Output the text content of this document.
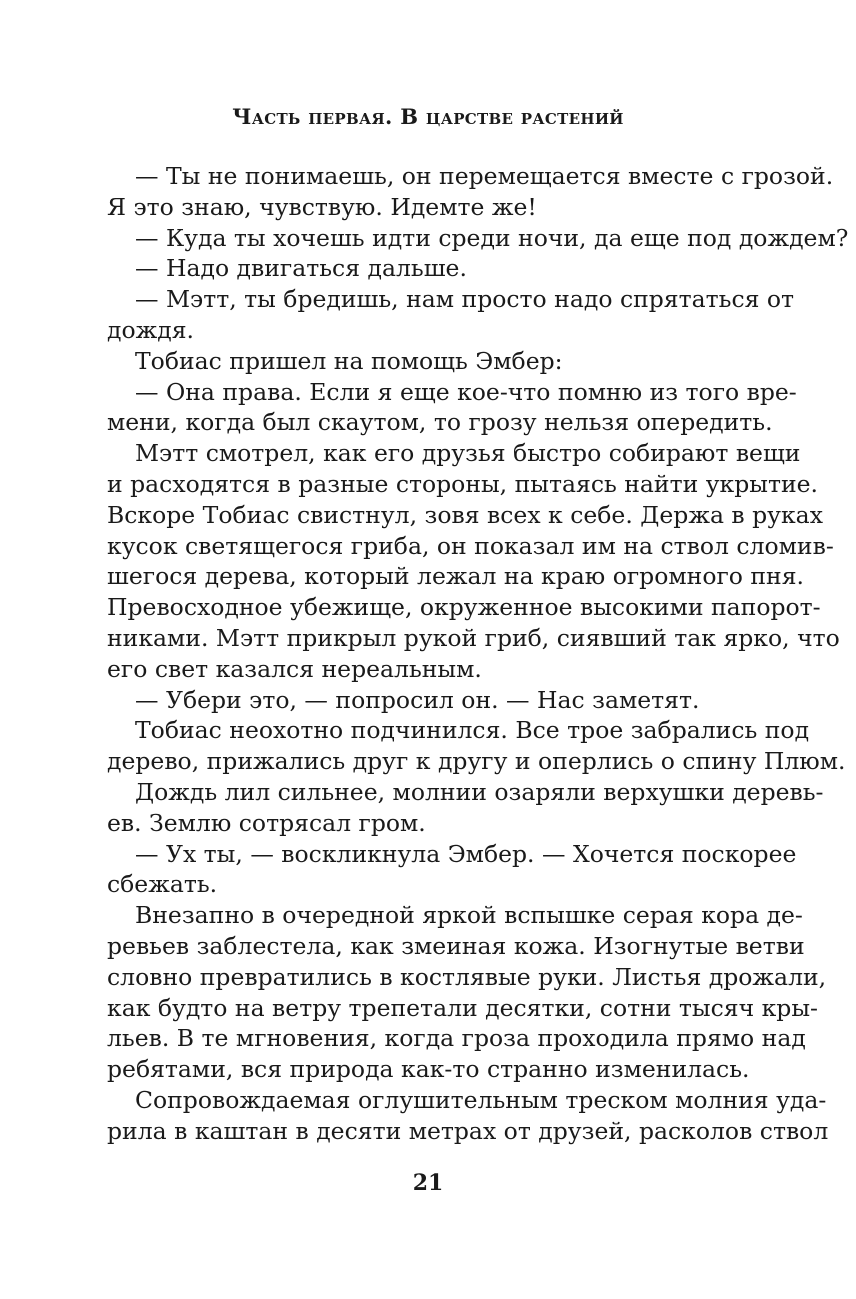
Часть первая. В царстве растений
— Ты не понимаешь, он перемещается вместе с грозой.
Я это знаю, чувствую. Идемте же!
— Куда ты хочешь идти среди ночи, да еще под дождем?
— Надо двигаться дальше.
— Мэтт, ты бредишь, нам просто надо спрятаться от
дождя.
Тобиас пришел на помощь Эмбер:
— Она права. Если я еще кое-что помню из того вре-
мени, когда был скаутом, то грозу нельзя опередить.
Мэтт смотрел, как его друзья быстро собирают вещи
и расходятся в разные стороны, пытаясь найти укрытие.
Вскоре Тобиас свистнул, зовя всех к себе. Держа в руках
кусок светящегося гриба, он показал им на ствол сломив-
шегося дерева, который лежал на краю огромного пня.
Превосходное убежище, окруженное высокими папорот-
никами. Мэтт прикрыл рукой гриб, сиявший так ярко, что
его свет казался нереальным.
— Убери это, — попросил он. — Нас заметят.
Тобиас неохотно подчинился. Все трое забрались под
дерево, прижались друг к другу и оперлись о спину Плюм.
Дождь лил сильнее, молнии озаряли верхушки деревь-
ев. Землю сотрясал гром.
— Ух ты, — воскликнула Эмбер. — Хочется поскорее
сбежать.
Внезапно в очередной яркой вспышке серая кора де-
ревьев заблестела, как змеиная кожа. Изогнутые ветви
словно превратились в костлявые руки. Листья дрожали,
как будто на ветру трепетали десятки, сотни тысяч кры-
льев. В те мгновения, когда гроза проходила прямо над
ребятами, вся природа как-то странно изменилась.
Сопровождаемая оглушительным треском молния уда-
рила в каштан в десяти метрах от друзей, расколов ствол
21
